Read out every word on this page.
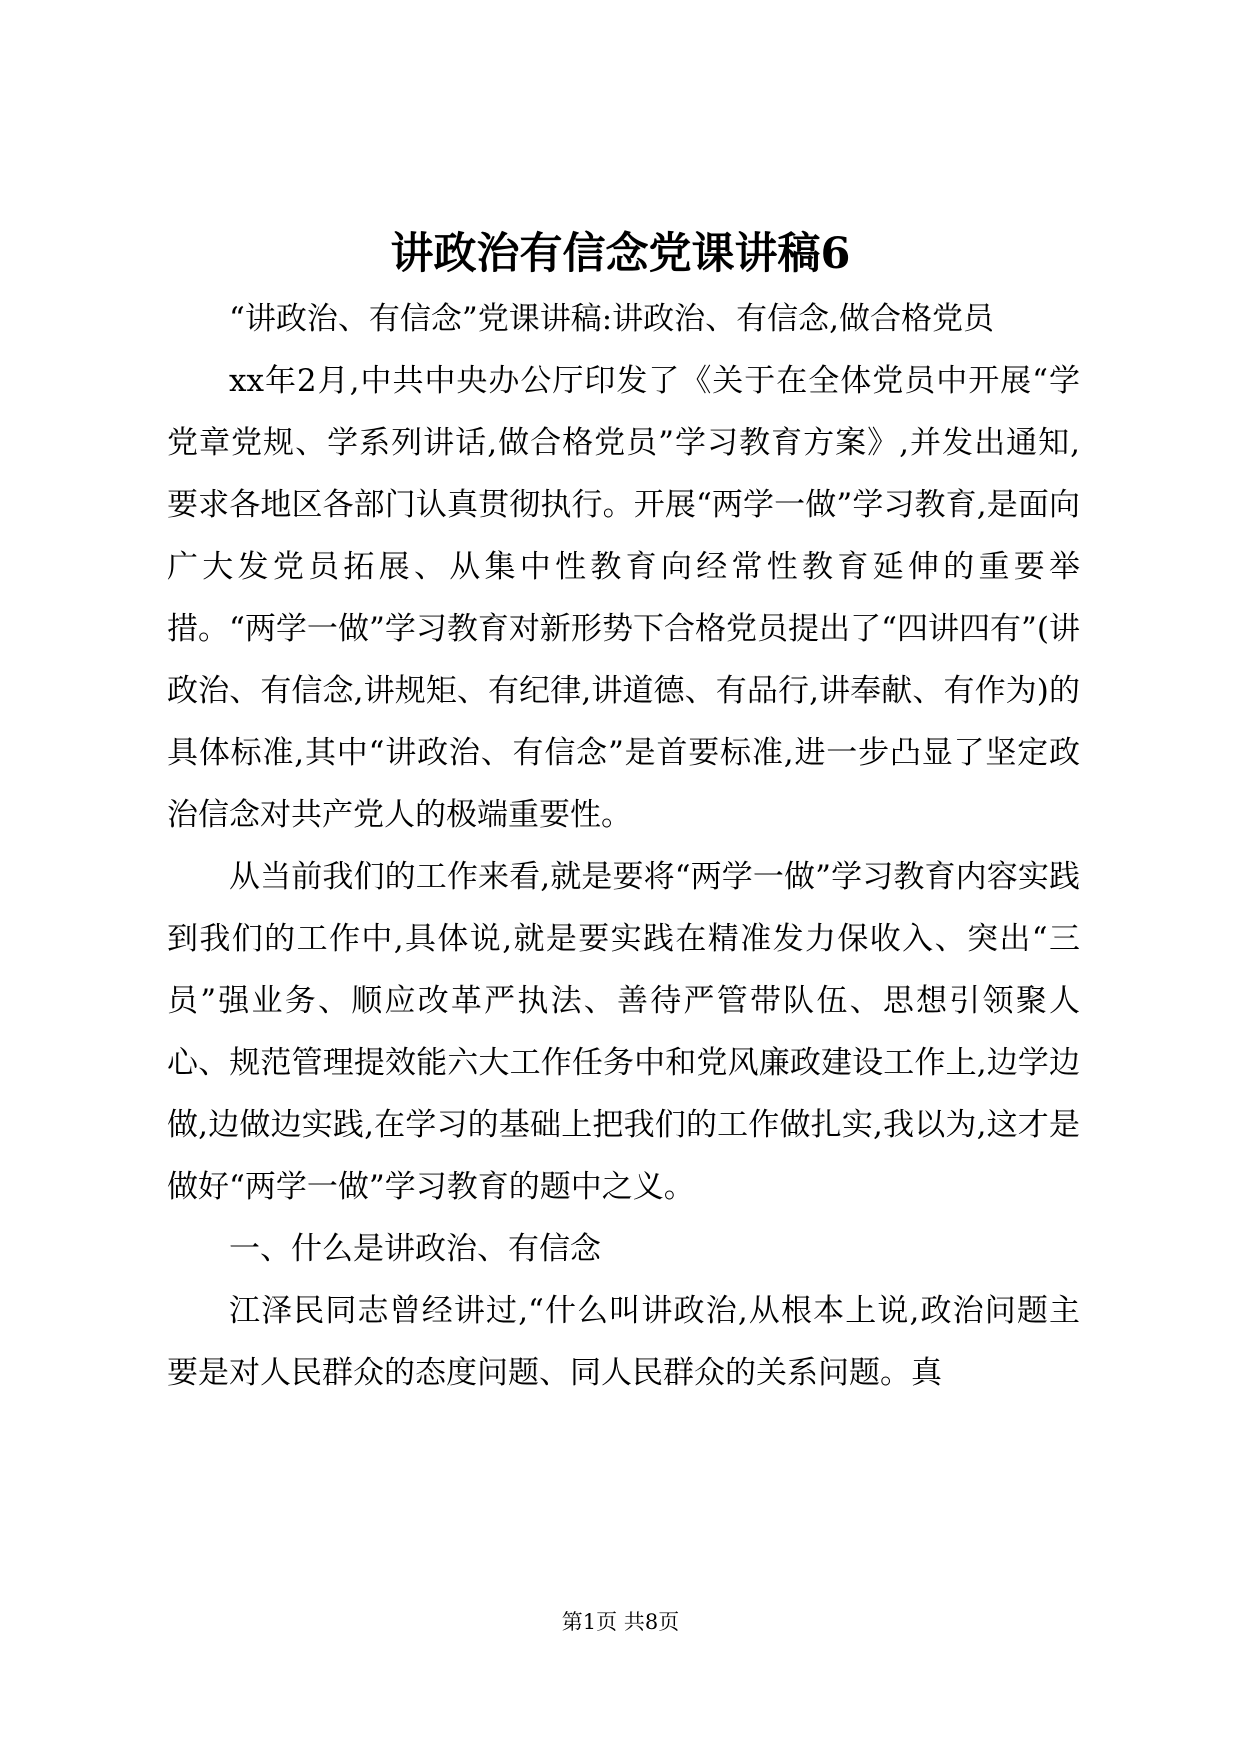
讲政治有信念党课讲稿6

“讲政治、有信念”党课讲稿:讲政治、有信念,做合格党员

xx年2月,中共中央办公厅印发了《关于在全体党员中开展“学党章党规、学系列讲话,做合格党员”学习教育方案》,并发出通知,要求各地区各部门认真贯彻执行。开展“两学一做”学习教育,是面向广大发党员拓展、从集中性教育向经常性教育延伸的重要举措。“两学一做”学习教育对新形势下合格党员提出了“四讲四有”(讲政治、有信念,讲规矩、有纪律,讲道德、有品行,讲奉献、有作为)的具体标准,其中“讲政治、有信念”是首要标准,进一步凸显了坚定政治信念对共产党人的极端重要性。

从当前我们的工作来看,就是要将“两学一做”学习教育内容实践到我们的工作中,具体说,就是要实践在精准发力保收入、突出“三员”强业务、顺应改革严执法、善待严管带队伍、思想引领聚人心、规范管理提效能六大工作任务中和党风廉政建设工作上,边学边做,边做边实践,在学习的基础上把我们的工作做扎实,我以为,这才是做好“两学一做”学习教育的题中之义。

一、什么是讲政治、有信念

江泽民同志曾经讲过,“什么叫讲政治,从根本上说,政治问题主要是对人民群众的态度问题、同人民群众的关系问题。真

第1页 共8页
